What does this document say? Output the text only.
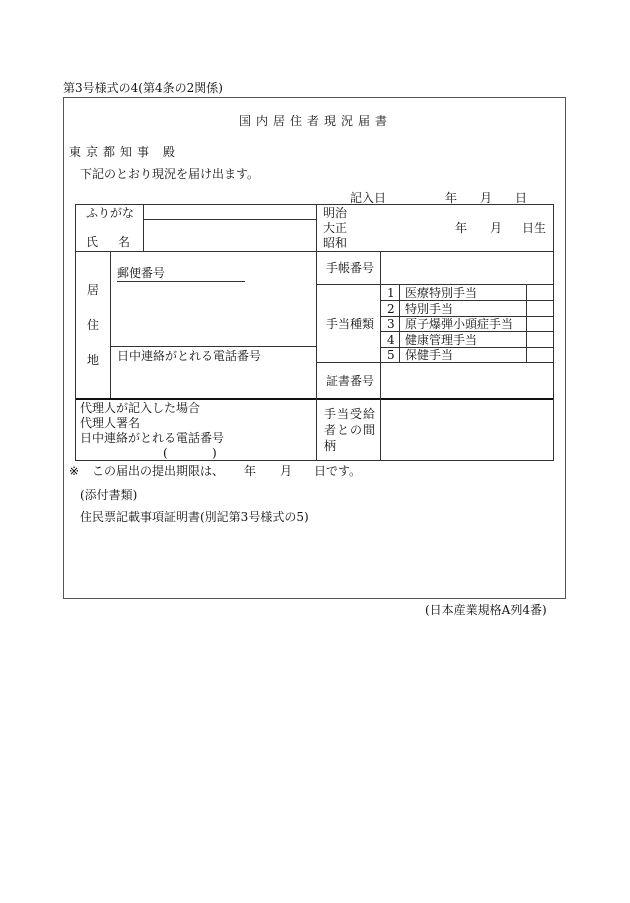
第3号様式の4(第4条の2関係)
国内居住者現況届書
東京都知事 殿
下記のとおり現況を届け出ます。
記入日	年 月 日
ふりがな
氏　名
明治
大正
昭和
年 月 日生
居
住
地
郵便番号
日中連絡がとれる電話番号
手帳番号
手当種類
1 医療特別手当
2 特別手当
3 原子爆弾小頭症手当
4 健康管理手当
5 保健手当
証書番号
代理人が記入した場合
代理人署名
日中連絡がとれる電話番号
(	)
手当受給
者との間
柄
※ この届出の提出期限は、 年 月 日です。
(添付書類)
住民票記載事項証明書(別記第3号様式の5)
(日本産業規格A列4番)
